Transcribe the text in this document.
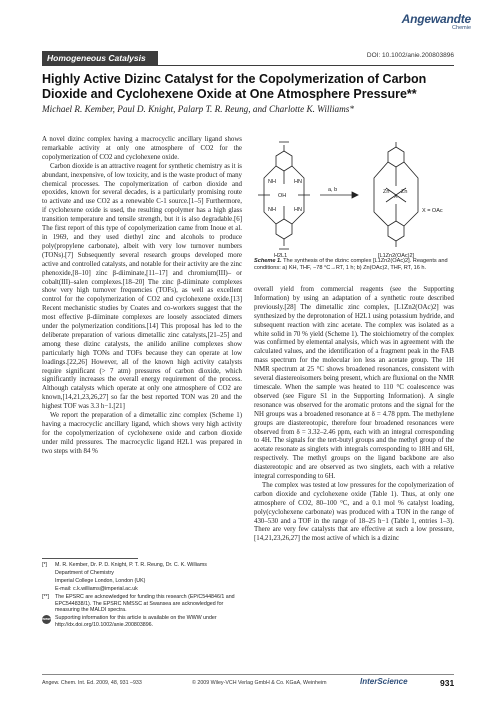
Angewandte
Chemie
Homogeneous Catalysis	DOI: 10.1002/anie.200803896
Highly Active Dizinc Catalyst for the Copolymerization of Carbon Dioxide and Cyclohexene Oxide at One Atmosphere Pressure**
Michael R. Kember, Paul D. Knight, Palarp T. R. Reung, and Charlotte K. Williams*

A novel dizinc complex having a macrocyclic ancillary ligand shows remarkable activity at only one atmosphere of CO2 for the copolymerization of CO2 and cyclohexene oxide.

Carbon dioxide is an attractive reagent for synthetic chemistry as it is abundant, inexpensive, of low toxicity, and is the waste product of many chemical processes. The copolymerization of carbon dioxide and epoxides, known for several decades, is a particularly promising route to activate and use CO2 as a renewable C-1 source.[1–5] Furthermore, if cyclohexene oxide is used, the resulting copolymer has a high glass transition temperature and tensile strength, but it is also degradable.[6] The first report of this type of copolymerization came from Inoue et al. in 1969, and they used diethyl zinc and alcohols to produce poly(propylene carbonate), albeit with very low turnover numbers (TONs).[7] Subsequently several research groups developed more active and controlled catalysts, and notable for their activity are the zinc phenoxide,[8–10] zinc β-diiminate,[11–17] and chromium(III)– or cobalt(III)–salen complexes.[18–20] The zinc β-diiminate complexes show very high turnover frequencies (TOFs), as well as excellent control for the copolymerization of CO2 and cyclohexene oxide.[13] Recent mechanistic studies by Coates and co-workers suggest that the most effective β-diiminate complexes are loosely associated dimers under the polymerization conditions.[14] This proposal has led to the deliberate preparation of various dimetallic zinc catalysts,[21–25] and among these dizinc catalysts, the anilido aniline complexes show particularly high TONs and TOFs because they can operate at low loadings.[22,26] However, all of the known high activity catalysts require significant (> 7 atm) pressures of carbon dioxide, which significantly increases the overall energy requirement of the process. Although catalysts which operate at only one atmosphere of CO2 are known,[14,21,23,26,27] so far the best reported TON was 20 and the highest TOF was 3.3 h−1.[21]

We report the preparation of a dimetallic zinc complex (Scheme 1) having a macrocyclic ancillary ligand, which shows very high activity for the copolymerization of cyclohexene oxide and carbon dioxide under mild pressures. The macrocyclic ligand H2L1 was prepared in two steps with 84 %

NH
OH
HN
NH	HN
a, b	Zn Zn
X
H2L1	[L1Zn2(OAc)2]
X = OAc
Scheme 1. The synthesis of the dizinc complex [L1Zn2(OAc)2]. Reagents and conditions: a) KH, THF, −78 °C→RT, 1 h; b) Zn(OAc)2, THF, RT, 16 h.

overall yield from commercial reagents (see the Supporting Information) by using an adaptation of a synthetic route described previously.[28] The dimetallic zinc complex, [L1Zn2(OAc)2] was synthesized by the deprotonation of H2L1 using potassium hydride, and subsequent reaction with zinc acetate. The complex was isolated as a white solid in 70 % yield (Scheme 1). The stoichiometry of the complex was confirmed by elemental analysis, which was in agreement with the calculated values, and the identification of a fragment peak in the FAB mass spectrum for the molecular ion less an acetate group. The 1H NMR spectrum at 25 °C shows broadened resonances, consistent with several diastereoisomers being present, which are fluxional on the NMR timescale. When the sample was heated to 110 °C coalescence was observed (see Figure S1 in the Supporting Information). A single resonance was observed for the aromatic protons and the signal for the NH groups was a broadened resonance at δ = 4.78 ppm. The methylene groups are diastereotopic, therefore four broadened resonances were observed from δ = 3.32–2.46 ppm, each with an integral corresponding to 4H. The signals for the tert-butyl groups and the methyl group of the acetate resonate as singlets with integrals corresponding to 18H and 6H, respectively. The methyl groups on the ligand backbone are also diastereotopic and are observed as two singlets, each with a relative integral corresponding to 6H.

The complex was tested at low pressures for the copolymerization of carbon dioxide and cyclohexene oxide (Table 1). Thus, at only one atmosphere of CO2, 80–100 °C, and a 0.1 mol % catalyst loading, poly(cyclohexene carbonate) was produced with a TON in the range of 430–530 and a TOF in the range of 18–25 h−1 (Table 1, entries 1–3). There are very few catalysts that are effective at such a low pressure,[14,21,23,26,27] the most active of which is a dizinc

[*]	M. R. Kember, Dr. P. D. Knight, P. T. R. Reung, Dr. C. K. Williams
Department of Chemistry
Imperial College London, London (UK)
E-mail: c.k.williams@imperial.ac.uk
[**]	The EPSRC are acknowledged for funding this research (EP/C544846/1 and EPC544838/1). The EPSRC NMSSC at Swansea are acknowledged for measuring the MALDI spectra.
www Supporting information for this article is available on the WWW under http://dx.doi.org/10.1002/anie.200803896.
Angew. Chem. Int. Ed. 2009, 48, 931 –933	© 2009 Wiley-VCH Verlag GmbH & Co. KGaA, Weinheim	InterScience	931
